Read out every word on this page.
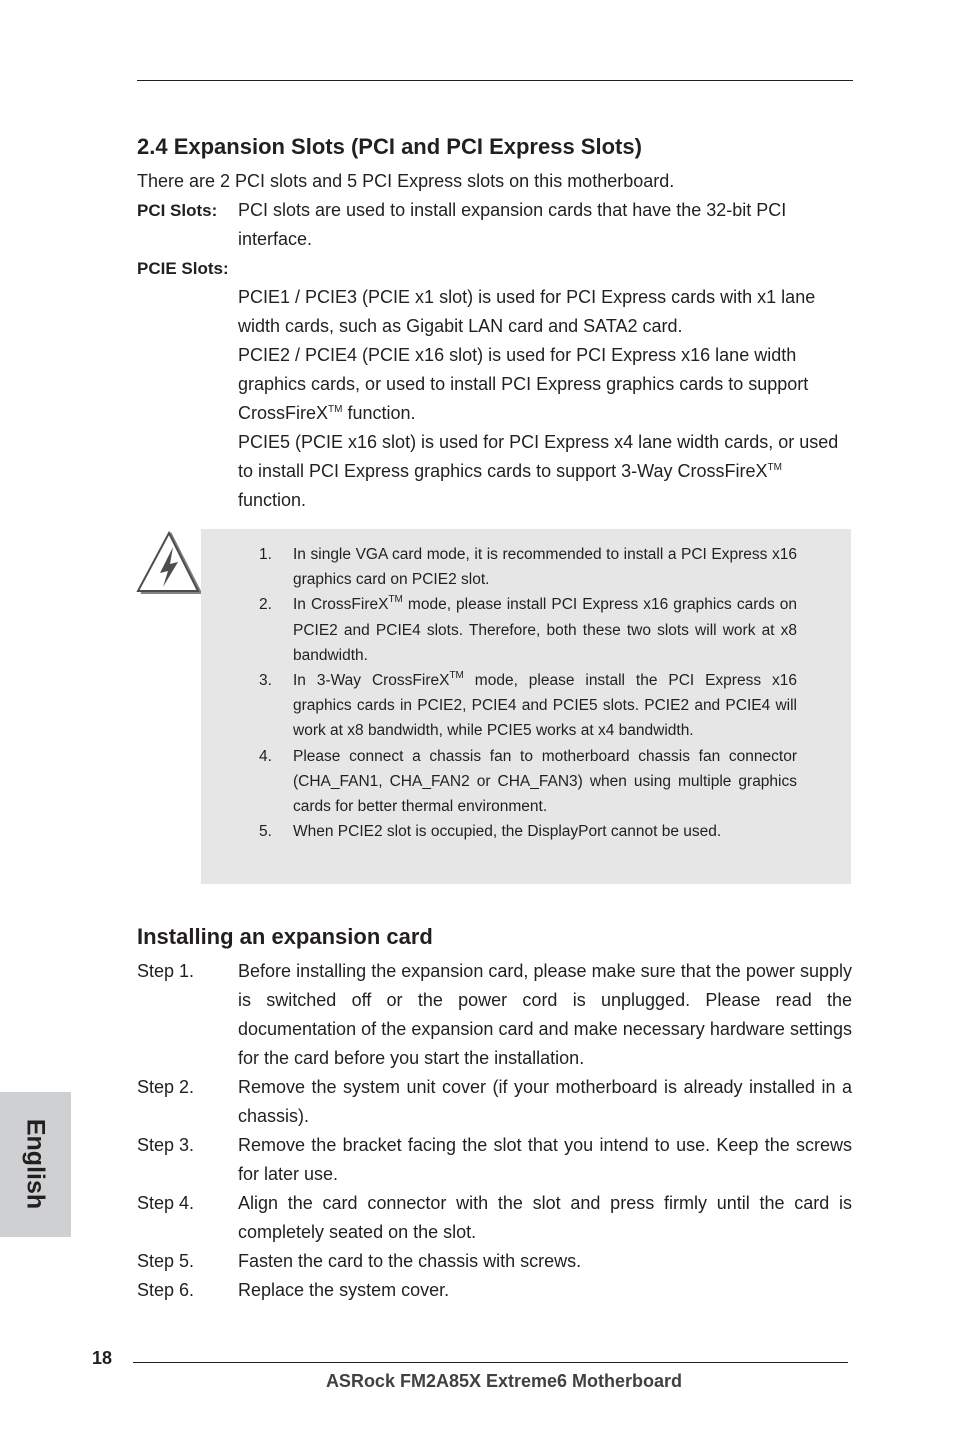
2.4 Expansion Slots (PCI and PCI Express Slots)

There are 2 PCI slots and 5 PCI Express slots on this motherboard.

PCI Slots: PCI slots are used to install expansion cards that have the 32-bit PCI interface.
PCIE Slots:
PCIE1 / PCIE3 (PCIE x1 slot) is used for PCI Express cards with x1 lane width cards, such as Gigabit LAN card and SATA2 card.
PCIE2 / PCIE4 (PCIE x16 slot) is used for PCI Express x16 lane width graphics cards, or used to install PCI Express graphics cards to support CrossFireX™ function.
PCIE5 (PCIE x16 slot) is used for PCI Express x4 lane width cards, or used to install PCI Express graphics cards to support 3-Way CrossFireX™ function.
1. In single VGA card mode, it is recommended to install a PCI Express x16 graphics card on PCIE2 slot.
2. In CrossFireX™ mode, please install PCI Express x16 graphics cards on PCIE2 and PCIE4 slots. Therefore, both these two slots will work at x8 bandwidth.
3. In 3-Way CrossFireX™ mode, please install the PCI Express x16 graphics cards in PCIE2, PCIE4 and PCIE5 slots. PCIE2 and PCIE4 will work at x8 bandwidth, while PCIE5 works at x4 bandwidth.
4. Please connect a chassis fan to motherboard chassis fan connector (CHA_FAN1, CHA_FAN2 or CHA_FAN3) when using multiple graphics cards for better thermal environment.
5. When PCIE2 slot is occupied, the DisplayPort cannot be used.
Installing an expansion card
Step 1. Before installing the expansion card, please make sure that the power supply is switched off or the power cord is unplugged. Please read the documentation of the expansion card and make necessary hardware settings for the card before you start the installation.
Step 2. Remove the system unit cover (if your motherboard is already installed in a chassis).
Step 3. Remove the bracket facing the slot that you intend to use. Keep the screws for later use.
Step 4. Align the card connector with the slot and press firmly until the card is completely seated on the slot.
Step 5. Fasten the card to the chassis with screws.
Step 6. Replace the system cover.
English
18
ASRock FM2A85X Extreme6 Motherboard
